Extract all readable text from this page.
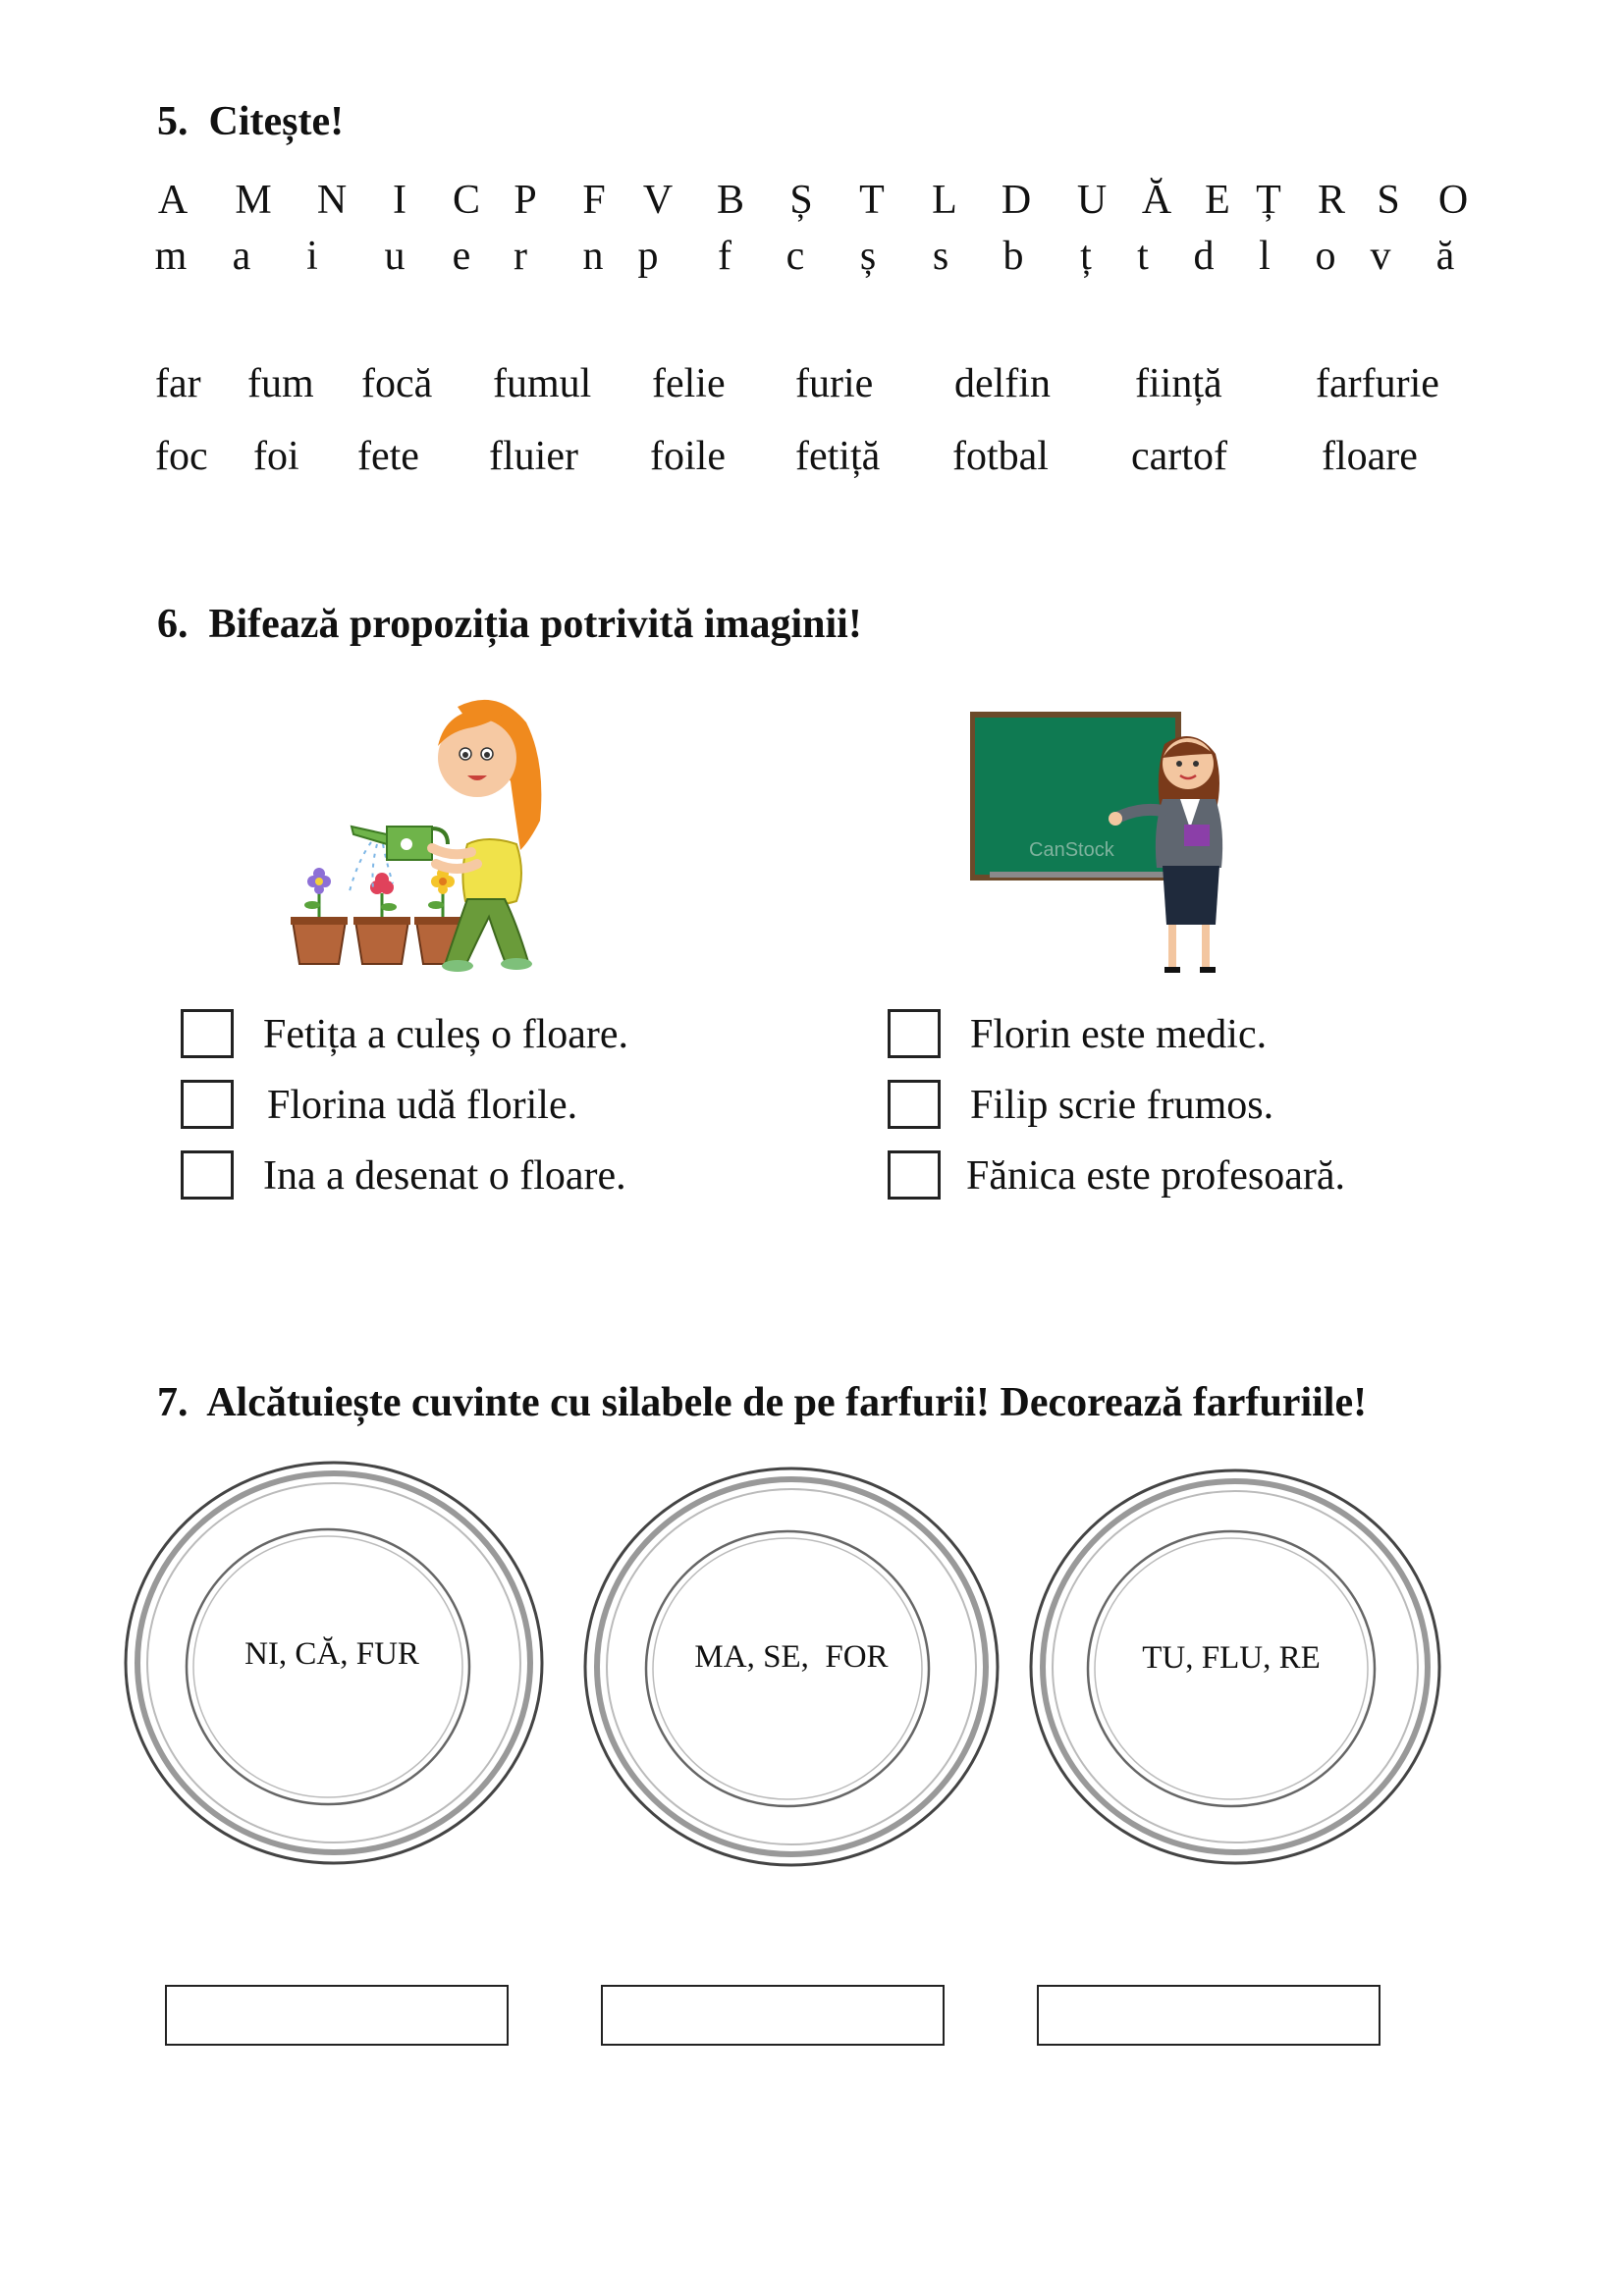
5. Citește!
A M N	I	C P	F V B	Ș	T L D U Ă E Ț R S O
m	a	i	u	e	r	n p	f	c	ș	s	b	ț	t	d	l	o v	ă
far fum focă fumul felie furie delfin ființă farfurie
foc foi fete fluier foile fetiță fotbal cartof floare
6. Bifează propoziția potrivită imaginii!
CanStock
Fetița a culeș o floare.
Florina udă florile.
Ina a desenat o floare.
Florin este medic.
Filip scrie frumos.
Fănica este profesoară.
7. Alcătuiește cuvinte cu silabele de pe farfurii! Decorează farfuriile!
NI, CĂ, FUR	MA, SE,  FOR	TU, FLU, RE
